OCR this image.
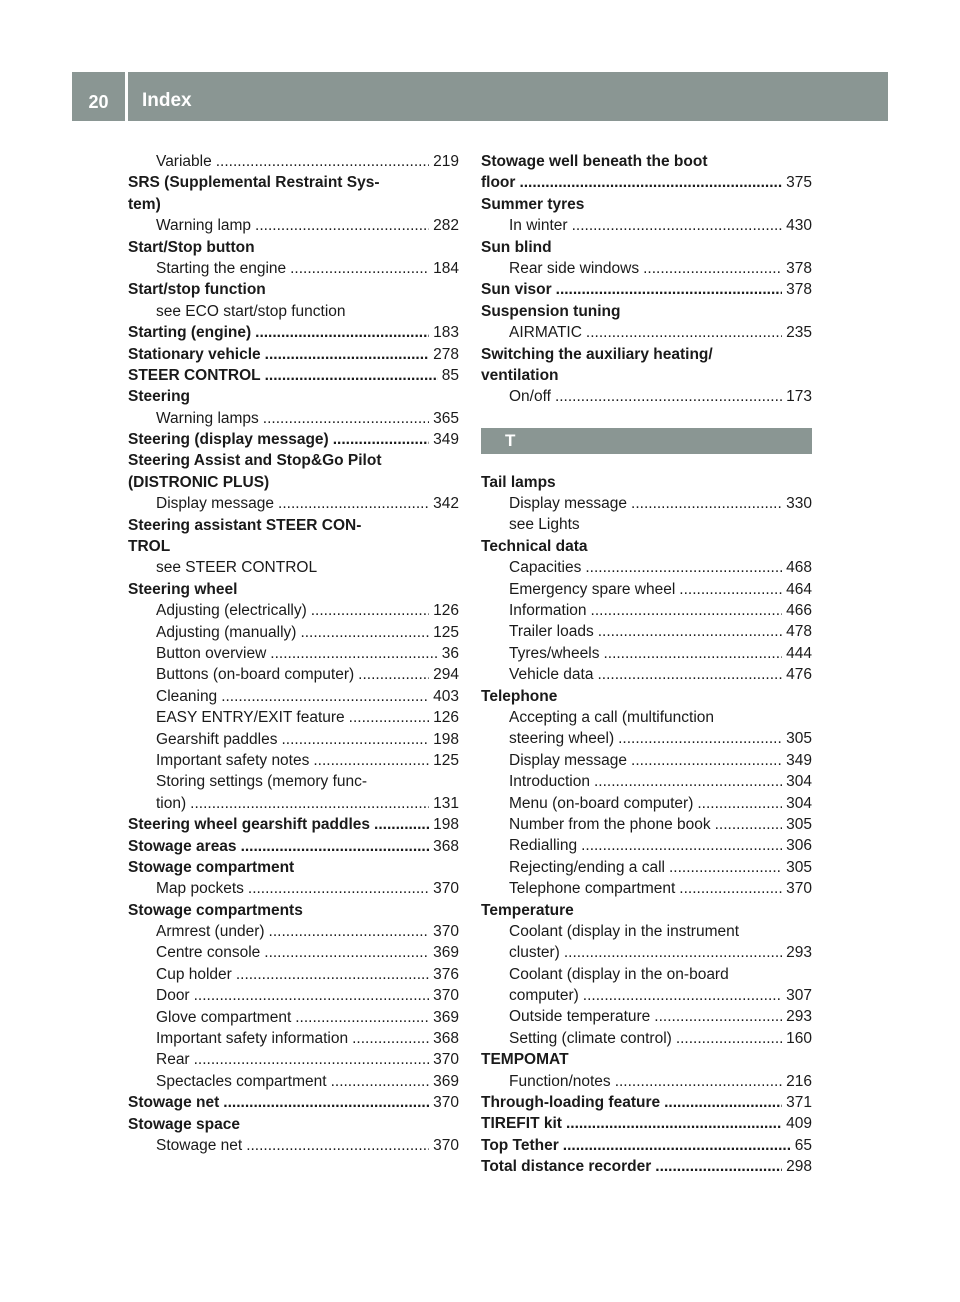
20	Index
Variable .....	219
SRS (Supplemental Restraint Sys-
tem)
Warning lamp .....	282
Start/Stop button
Starting the engine .....	184
Start/stop function
see ECO start/stop function
Starting (engine) .....	183
Stationary vehicle .....	278
STEER CONTROL .....	85
Steering
Warning lamps .....	365
Steering (display message) .....	349
Steering Assist and Stop&Go Pilot
(DISTRONIC PLUS)
Display message .....	342
Steering assistant STEER CON-
TROL
see STEER CONTROL
Steering wheel
Adjusting (electrically) .....	126
Adjusting (manually) .....	125
Button overview .....	36
Buttons (on-board computer) .....	294
Cleaning .....	403
EASY ENTRY/EXIT feature .....	126
Gearshift paddles .....	198
Important safety notes .....	125
Storing settings (memory func-
tion) .....	131
Steering wheel gearshift paddles .....	198
Stowage areas .....	368
Stowage compartment
Map pockets .....	370
Stowage compartments
Armrest (under) .....	370
Centre console .....	369
Cup holder .....	376
Door .....	370
Glove compartment .....	369
Important safety information .....	368
Rear .....	370
Spectacles compartment .....	369
Stowage net .....	370
Stowage space
Stowage net .....	370
Stowage well beneath the boot
floor .....	375
Summer tyres
In winter .....	430
Sun blind
Rear side windows .....	378
Sun visor .....	378
Suspension tuning
AIRMATIC .....	235
Switching the auxiliary heating/
ventilation
On/off .....	173
T
Tail lamps
Display message .....	330
see Lights
Technical data
Capacities .....	468
Emergency spare wheel .....	464
Information .....	466
Trailer loads .....	478
Tyres/wheels .....	444
Vehicle data .....	476
Telephone
Accepting a call (multifunction
steering wheel) .....	305
Display message .....	349
Introduction .....	304
Menu (on-board computer) .....	304
Number from the phone book .....	305
Redialling .....	306
Rejecting/ending a call .....	305
Telephone compartment .....	370
Temperature
Coolant (display in the instrument
cluster) .....	293
Coolant (display in the on-board
computer) .....	307
Outside temperature .....	293
Setting (climate control) .....	160
TEMPOMAT
Function/notes .....	216
Through-loading feature .....	371
TIREFIT kit .....	409
Top Tether .....	65
Total distance recorder .....	298
